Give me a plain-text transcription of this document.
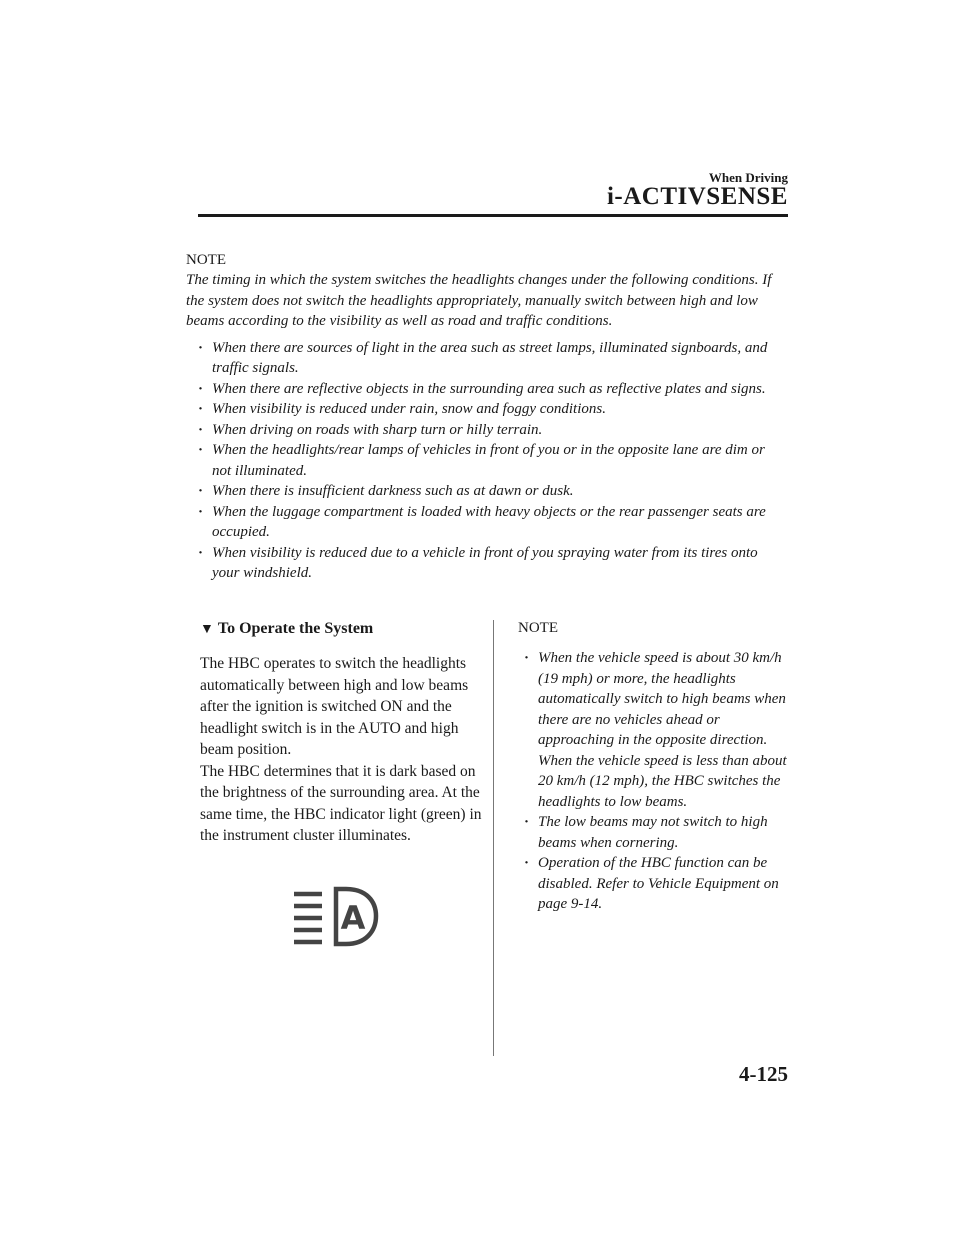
When Driving
i-ACTIVSENSE
NOTE
The timing in which the system switches the headlights changes under the following conditions. If the system does not switch the headlights appropriately, manually switch between high and low beams according to the visibility as well as road and traffic conditions.
· When there are sources of light in the area such as street lamps, illuminated signboards, and traffic signals.
· When there are reflective objects in the surrounding area such as reflective plates and signs.
· When visibility is reduced under rain, snow and foggy conditions.
· When driving on roads with sharp turn or hilly terrain.
· When the headlights/rear lamps of vehicles in front of you or in the opposite lane are dim or not illuminated.
· When there is insufficient darkness such as at dawn or dusk.
· When the luggage compartment is loaded with heavy objects or the rear passenger seats are occupied.
· When visibility is reduced due to a vehicle in front of you spraying water from its tires onto your windshield.
▼ To Operate the System
The HBC operates to switch the headlights automatically between high and low beams after the ignition is switched ON and the headlight switch is in the AUTO and high beam position.
The HBC determines that it is dark based on the brightness of the surrounding area. At the same time, the HBC indicator light (green) in the instrument cluster illuminates.
A
NOTE
· When the vehicle speed is about 30 km/h (19 mph) or more, the headlights automatically switch to high beams when there are no vehicles ahead or approaching in the opposite direction. When the vehicle speed is less than about 20 km/h (12 mph), the HBC switches the headlights to low beams.
· The low beams may not switch to high beams when cornering.
· Operation of the HBC function can be disabled. Refer to Vehicle Equipment on page 9-14.
4-125
